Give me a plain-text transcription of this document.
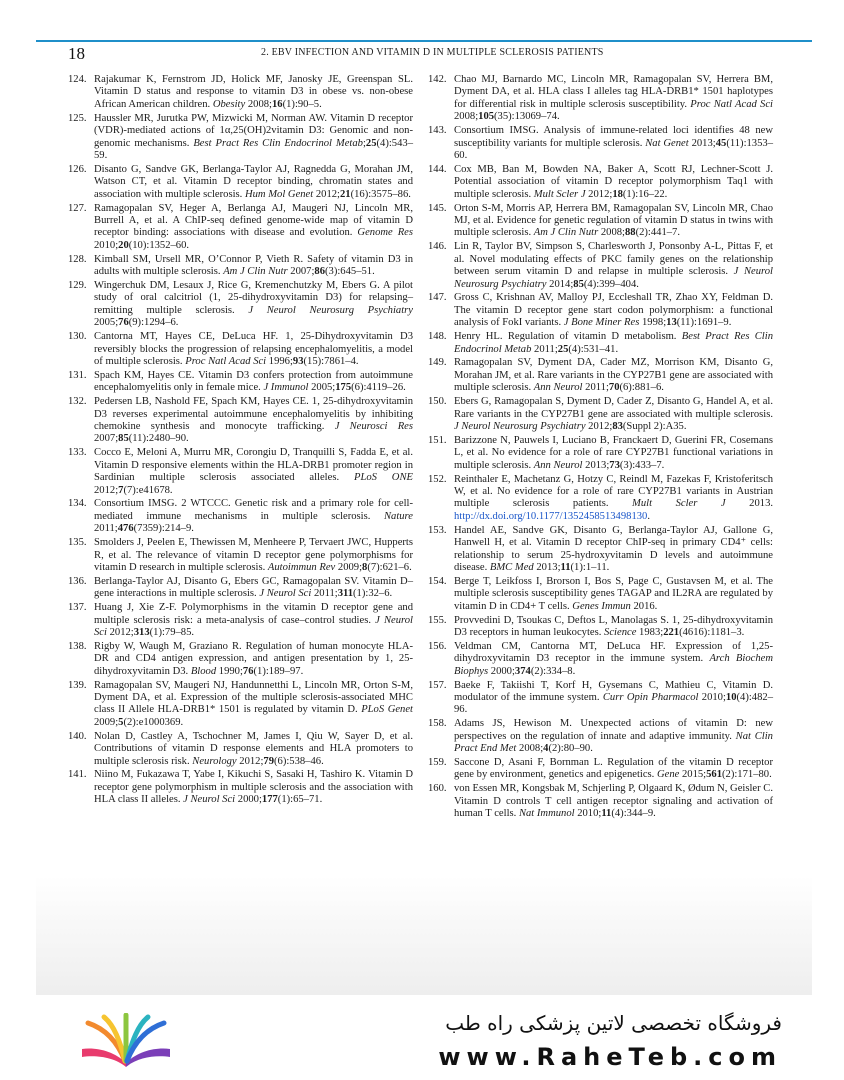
18	2. EBV INFECTION AND VITAMIN D IN MULTIPLE SCLEROSIS PATIENTS
124. Rajakumar K, Fernstrom JD, Holick MF, Janosky JE, Greenspan SL. Vitamin D status and response to vitamin D3 in obese vs. non-obese African American children. Obesity 2008;16(1):90–5.
125. Haussler MR, Jurutka PW, Mizwicki M, Norman AW. Vitamin D receptor (VDR)-mediated actions of 1α,25(OH)2vitamin D3: Genomic and non-genomic mechanisms. Best Pract Res Clin Endocrinol Metab;25(4):543–59.
126. Disanto G, Sandve GK, Berlanga-Taylor AJ, Ragnedda G, Morahan JM, Watson CT, et al. Vitamin D receptor binding, chromatin states and association with multiple sclerosis. Hum Mol Genet 2012;21(16):3575–86.
127. Ramagopalan SV, Heger A, Berlanga AJ, Maugeri NJ, Lincoln MR, Burrell A, et al. A ChIP-seq defined genome-wide map of vitamin D receptor binding: associations with disease and evolution. Genome Res 2010;20(10):1352–60.
128. Kimball SM, Ursell MR, O’Connor P, Vieth R. Safety of vitamin D3 in adults with multiple sclerosis. Am J Clin Nutr 2007;86(3):645–51.
129. Wingerchuk DM, Lesaux J, Rice G, Kremenchutzky M, Ebers G. A pilot study of oral calcitriol (1, 25-dihydroxyvitamin D3) for relapsing–remitting multiple sclerosis. J Neurol Neurosurg Psychiatry 2005;76(9):1294–6.
130. Cantorna MT, Hayes CE, DeLuca HF. 1, 25-Dihydroxyvitamin D3 reversibly blocks the progression of relapsing encephalomyelitis, a model of multiple sclerosis. Proc Natl Acad Sci 1996;93(15):7861–4.
131. Spach KM, Hayes CE. Vitamin D3 confers protection from autoimmune encephalomyelitis only in female mice. J Immunol 2005;175(6):4119–26.
132. Pedersen LB, Nashold FE, Spach KM, Hayes CE. 1, 25-dihydroxyvitamin D3 reverses experimental autoimmune encephalomyelitis by inhibiting chemokine synthesis and monocyte trafficking. J Neurosci Res 2007;85(11):2480–90.
133. Cocco E, Meloni A, Murru MR, Corongiu D, Tranquilli S, Fadda E, et al. Vitamin D responsive elements within the HLA-DRB1 promoter region in Sardinian multiple sclerosis associated alleles. PLoS ONE 2012;7(7):e41678.
134. Consortium IMSG. 2 WTCCC. Genetic risk and a primary role for cell-mediated immune mechanisms in multiple sclerosis. Nature 2011;476(7359):214–9.
135. Smolders J, Peelen E, Thewissen M, Menheere P, Tervaert JWC, Hupperts R, et al. The relevance of vitamin D receptor gene polymorphisms for vitamin D research in multiple sclerosis. Autoimmun Rev 2009;8(7):621–6.
136. Berlanga-Taylor AJ, Disanto G, Ebers GC, Ramagopalan SV. Vitamin D–gene interactions in multiple sclerosis. J Neurol Sci 2011;311(1):32–6.
137. Huang J, Xie Z-F. Polymorphisms in the vitamin D receptor gene and multiple sclerosis risk: a meta-analysis of case–control studies. J Neurol Sci 2012;313(1):79–85.
138. Rigby W, Waugh M, Graziano R. Regulation of human monocyte HLA-DR and CD4 antigen expression, and antigen presentation by 1, 25-dihydroxyvitamin D3. Blood 1990;76(1):189–97.
139. Ramagopalan SV, Maugeri NJ, Handunnetthi L, Lincoln MR, Orton S-M, Dyment DA, et al. Expression of the multiple sclerosis-associated MHC class II Allele HLA-DRB1* 1501 is regulated by vitamin D. PLoS Genet 2009;5(2):e1000369.
140. Nolan D, Castley A, Tschochner M, James I, Qiu W, Sayer D, et al. Contributions of vitamin D response elements and HLA promoters to multiple sclerosis risk. Neurology 2012;79(6):538–46.
141. Niino M, Fukazawa T, Yabe I, Kikuchi S, Sasaki H, Tashiro K. Vitamin D receptor gene polymorphism in multiple sclerosis and the association with HLA class II alleles. J Neurol Sci 2000;177(1):65–71.
142. Chao MJ, Barnardo MC, Lincoln MR, Ramagopalan SV, Herrera BM, Dyment DA, et al. HLA class I alleles tag HLA-DRB1* 1501 haplotypes for differential risk in multiple sclerosis susceptibility. Proc Natl Acad Sci 2008;105(35):13069–74.
143. Consortium IMSG. Analysis of immune-related loci identifies 48 new susceptibility variants for multiple sclerosis. Nat Genet 2013;45(11):1353–60.
144. Cox MB, Ban M, Bowden NA, Baker A, Scott RJ, Lechner-Scott J. Potential association of vitamin D receptor polymorphism Taq1 with multiple sclerosis. Mult Scler J 2012;18(1):16–22.
145. Orton S-M, Morris AP, Herrera BM, Ramagopalan SV, Lincoln MR, Chao MJ, et al. Evidence for genetic regulation of vitamin D status in twins with multiple sclerosis. Am J Clin Nutr 2008;88(2):441–7.
146. Lin R, Taylor BV, Simpson S, Charlesworth J, Ponsonby A-L, Pittas F, et al. Novel modulating effects of PKC family genes on the relationship between serum vitamin D and relapse in multiple sclerosis. J Neurol Neurosurg Psychiatry 2014;85(4):399–404.
147. Gross C, Krishnan AV, Malloy PJ, Eccleshall TR, Zhao XY, Feldman D. The vitamin D receptor gene start codon polymorphism: a functional analysis of FokI variants. J Bone Miner Res 1998;13(11):1691–9.
148. Henry HL. Regulation of vitamin D metabolism. Best Pract Res Clin Endocrinol Metab 2011;25(4):531–41.
149. Ramagopalan SV, Dyment DA, Cader MZ, Morrison KM, Disanto G, Morahan JM, et al. Rare variants in the CYP27B1 gene are associated with multiple sclerosis. Ann Neurol 2011;70(6):881–6.
150. Ebers G, Ramagopalan S, Dyment D, Cader Z, Disanto G, Handel A, et al. Rare variants in the CYP27B1 gene are associated with multiple sclerosis. J Neurol Neurosurg Psychiatry 2012;83(Suppl 2):A35.
151. Barizzone N, Pauwels I, Luciano B, Franckaert D, Guerini FR, Cosemans L, et al. No evidence for a role of rare CYP27B1 functional variations in multiple sclerosis. Ann Neurol 2013;73(3):433–7.
152. Reinthaler E, Machetanz G, Hotzy C, Reindl M, Fazekas F, Kristoferitsch W, et al. No evidence for a role of rare CYP27B1 variants in Austrian multiple sclerosis patients. Mult Scler J 2013. http://dx.doi.org/10.1177/1352458513498130.
153. Handel AE, Sandve GK, Disanto G, Berlanga-Taylor AJ, Gallone G, Hanwell H, et al. Vitamin D receptor ChIP-seq in primary CD4⁺ cells: relationship to serum 25-hydroxyvitamin D levels and autoimmune disease. BMC Med 2013;11(1):1–11.
154. Berge T, Leikfoss I, Brorson I, Bos S, Page C, Gustavsen M, et al. The multiple sclerosis susceptibility genes TAGAP and IL2RA are regulated by vitamin D in CD4+ T cells. Genes Immun 2016.
155. Provvedini D, Tsoukas C, Deftos L, Manolagas S. 1, 25-dihydroxyvitamin D3 receptors in human leukocytes. Science 1983;221(4616):1181–3.
156. Veldman CM, Cantorna MT, DeLuca HF. Expression of 1,25-dihydroxyvitamin D3 receptor in the immune system. Arch Biochem Biophys 2000;374(2):334–8.
157. Baeke F, Takiishi T, Korf H, Gysemans C, Mathieu C, Vitamin D. modulator of the immune system. Curr Opin Pharmacol 2010;10(4):482–96.
158. Adams JS, Hewison M. Unexpected actions of vitamin D: new perspectives on the regulation of innate and adaptive immunity. Nat Clin Pract End Met 2008;4(2):80–90.
159. Saccone D, Asani F, Bornman L. Regulation of the vitamin D receptor gene by environment, genetics and epigenetics. Gene 2015;561(2):171–80.
160. von Essen MR, Kongsbak M, Schjerling P, Olgaard K, Ødum N, Geisler C. Vitamin D controls T cell antigen receptor signaling and activation of human T cells. Nat Immunol 2010;11(4):344–9.
فروشگاه تخصصی لاتین پزشکی راه طب
www.RaheTeb.com
